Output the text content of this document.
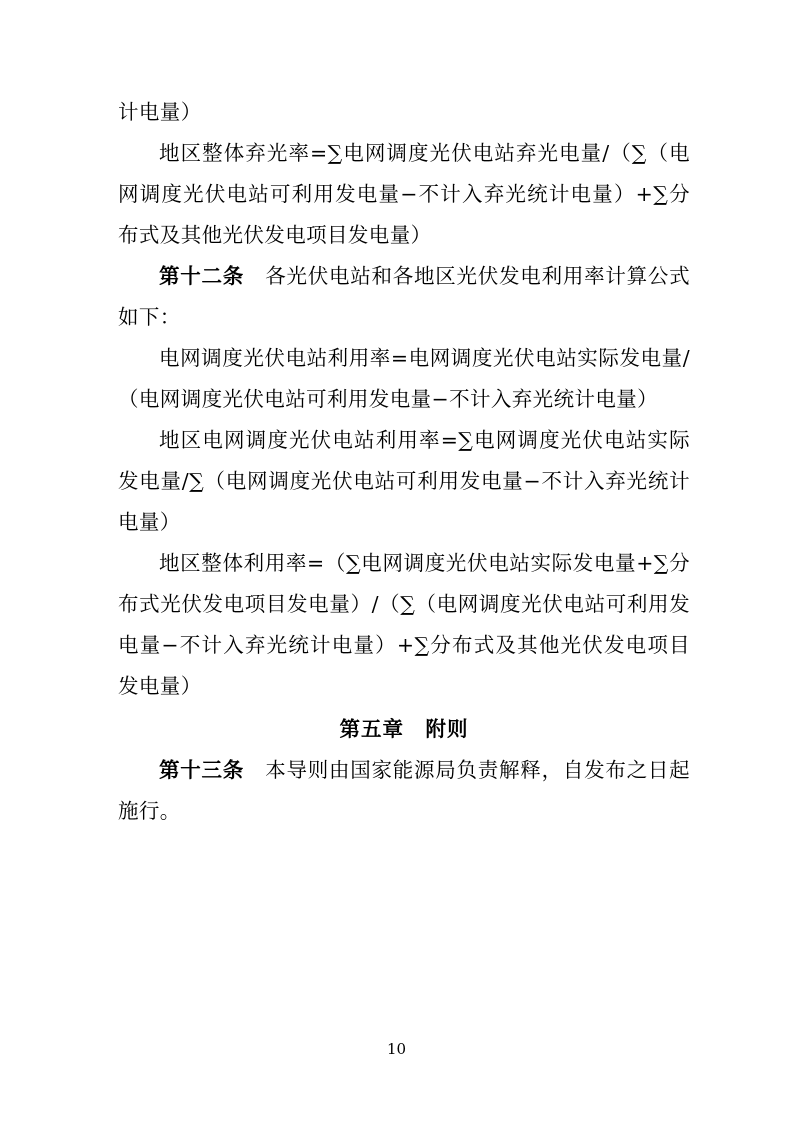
计电量）

地区整体弃光率=∑电网调度光伏电站弃光电量/（∑（电网调度光伏电站可利用发电量−不计入弃光统计电量）+∑分布式及其他光伏发电项目发电量）

第十二条　各光伏电站和各地区光伏发电利用率计算公式如下：

电网调度光伏电站利用率=电网调度光伏电站实际发电量/（电网调度光伏电站可利用发电量−不计入弃光统计电量）

地区电网调度光伏电站利用率=∑电网调度光伏电站实际发电量/∑（电网调度光伏电站可利用发电量−不计入弃光统计电量）

地区整体利用率=（∑电网调度光伏电站实际发电量+∑分布式光伏发电项目发电量）/（∑（电网调度光伏电站可利用发电量−不计入弃光统计电量）+∑分布式及其他光伏发电项目发电量）

第五章　附则

第十三条　本导则由国家能源局负责解释，自发布之日起施行。

10
